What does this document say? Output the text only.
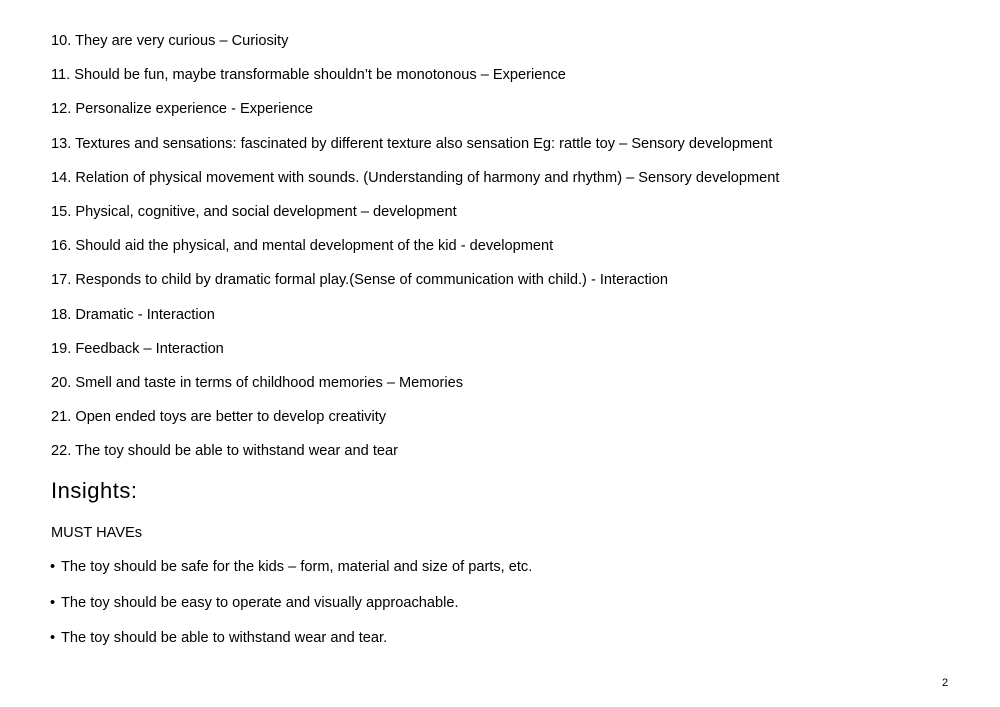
10. They are very curious – Curiosity
11. Should be fun, maybe transformable shouldn’t be monotonous – Experience
12. Personalize experience - Experience
13. Textures and sensations: fascinated by different texture also sensation Eg: rattle toy – Sensory development
14. Relation of physical movement with sounds. (Understanding of harmony and rhythm) – Sensory development
15. Physical, cognitive, and social development – development
16. Should aid the physical, and mental development of the kid - development
17. Responds to child by dramatic formal play.(Sense of communication with child.) - Interaction
18. Dramatic - Interaction
19. Feedback – Interaction
20. Smell and taste in terms of childhood memories – Memories
21. Open ended toys are better to develop creativity
22. The toy should be able to withstand wear and tear
Insights:

MUST HAVEs

• The toy should be safe for the kids – form, material and size of parts, etc.
• The toy should be easy to operate and visually approachable.
• The toy should be able to withstand wear and tear.
2
